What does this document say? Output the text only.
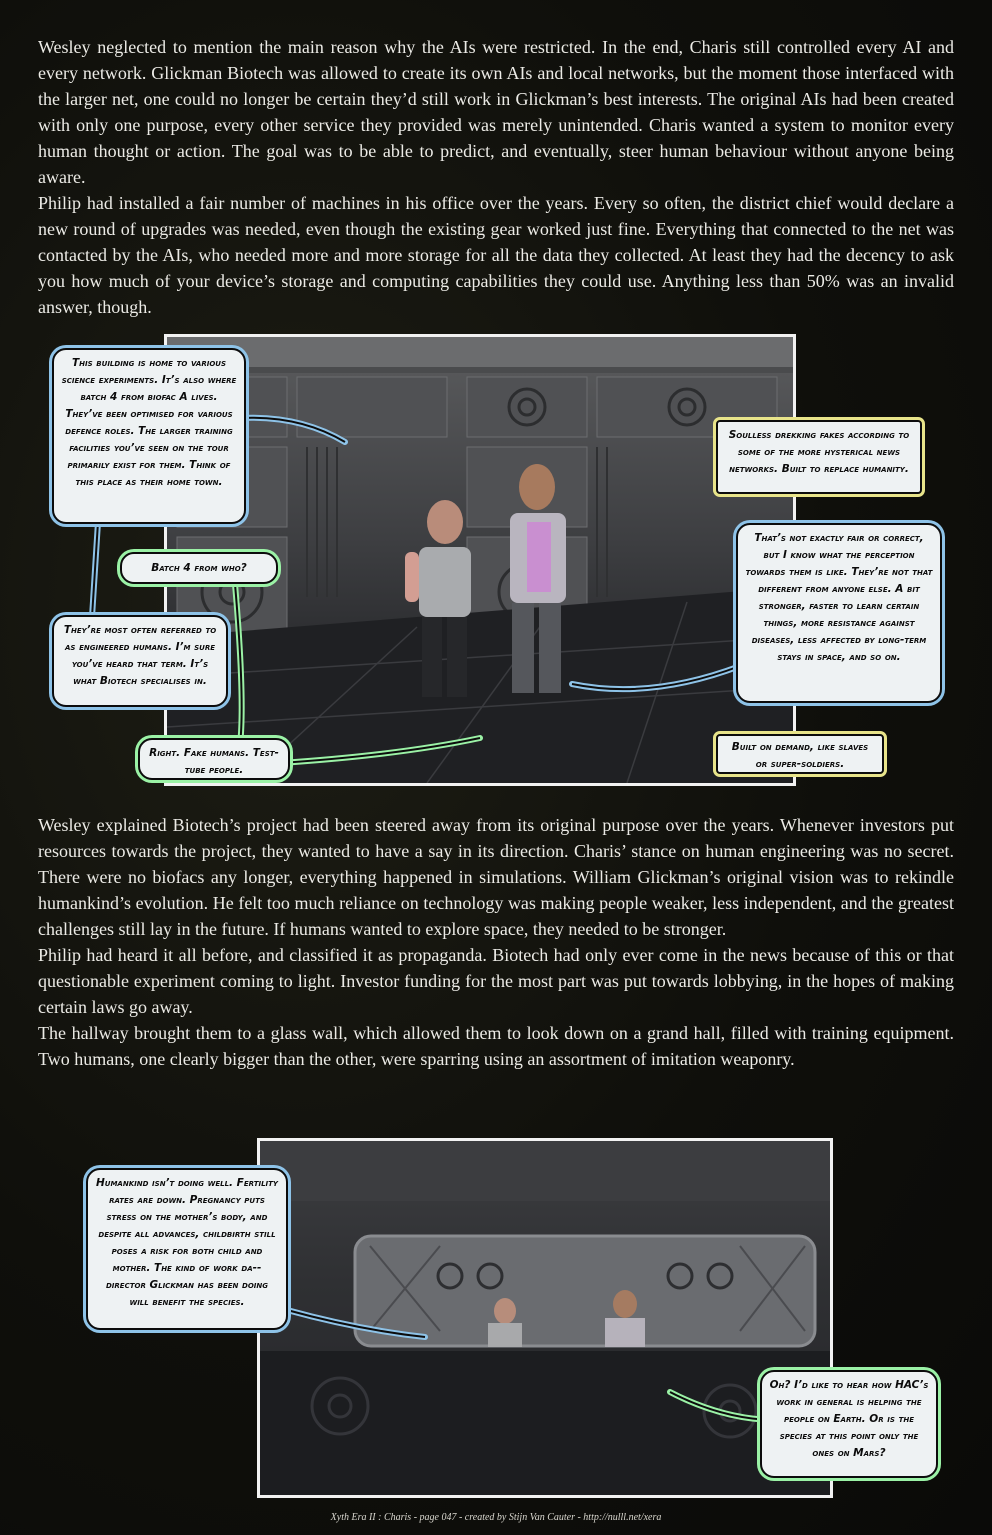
Wesley neglected to mention the main reason why the AIs were restricted. In the end, Charis still controlled every AI and every network. Glickman Biotech was allowed to create its own AIs and local networks, but the moment those interfaced with the larger net, one could no longer be certain they’d still work in Glickman’s best interests. The original AIs had been created with only one purpose, every other service they provided was merely unintended. Charis wanted a system to monitor every human thought or action. The goal was to be able to predict, and eventually, steer human behaviour without anyone being aware.

Philip had installed a fair number of machines in his office over the years. Every so often, the district chief would declare a new round of upgrades was needed, even though the existing gear worked just fine. Everything that connected to the net was contacted by the AIs, who needed more and more storage for all the data they collected. At least they had the decency to ask you how much of your device’s storage and computing capabilities they could use. Anything less than 50% was an invalid answer, though.

This building is home to various science experiments. It’s also where batch 4 from biofac A lives. They’ve been optimised for various defence roles. The larger training facilities you’ve seen on the tour primarily exist for them. Think of this place as their home town.
Batch 4 from who?
They’re most often referred to as engineered humans. I’m sure you’ve heard that term. It’s what Biotech specialises in.
Right. Fake humans. Test-tube people.
Soulless drekking fakes according to some of the more hysterical news networks. Built to replace humanity.
That’s not exactly fair or correct, but I know what the perception towards them is like. They’re not that different from anyone else. A bit stronger, faster to learn certain things, more resistance against diseases, less affected by long-term stays in space, and so on.
Built on demand, like slaves or super-soldiers.

Wesley explained Biotech’s project had been steered away from its original purpose over the years. Whenever investors put resources towards the project, they wanted to have a say in its direction. Charis’ stance on human engineering was no secret. There were no biofacs any longer, everything happened in simulations. William Glickman’s original vision was to rekindle humankind’s evolution. He felt too much reliance on technology was making people weaker, less independent, and the greatest challenges still lay in the future. If humans wanted to explore space, they needed to be stronger.

Philip had heard it all before, and classified it as propaganda. Biotech had only ever come in the news because of this or that questionable experiment coming to light. Investor funding for the most part was put towards lobbying, in the hopes of making certain laws go away.

The hallway brought them to a glass wall, which allowed them to look down on a grand hall, filled with training equipment. Two humans, one clearly bigger than the other, were sparring using an assortment of imitation weaponry.

Humankind isn’t doing well. Fertility rates are down. Pregnancy puts stress on the mother’s body, and despite all advances, childbirth still poses a risk for both child and mother. The kind of work da-- director Glickman has been doing will benefit the species.
Oh? I’d like to hear how HAC’s work in general is helping the people on Earth. Or is the species at this point only the ones on Mars?
Xyth Era II : Charis - page 047 - created by Stijn Van Cauter - http://nulll.net/xera
